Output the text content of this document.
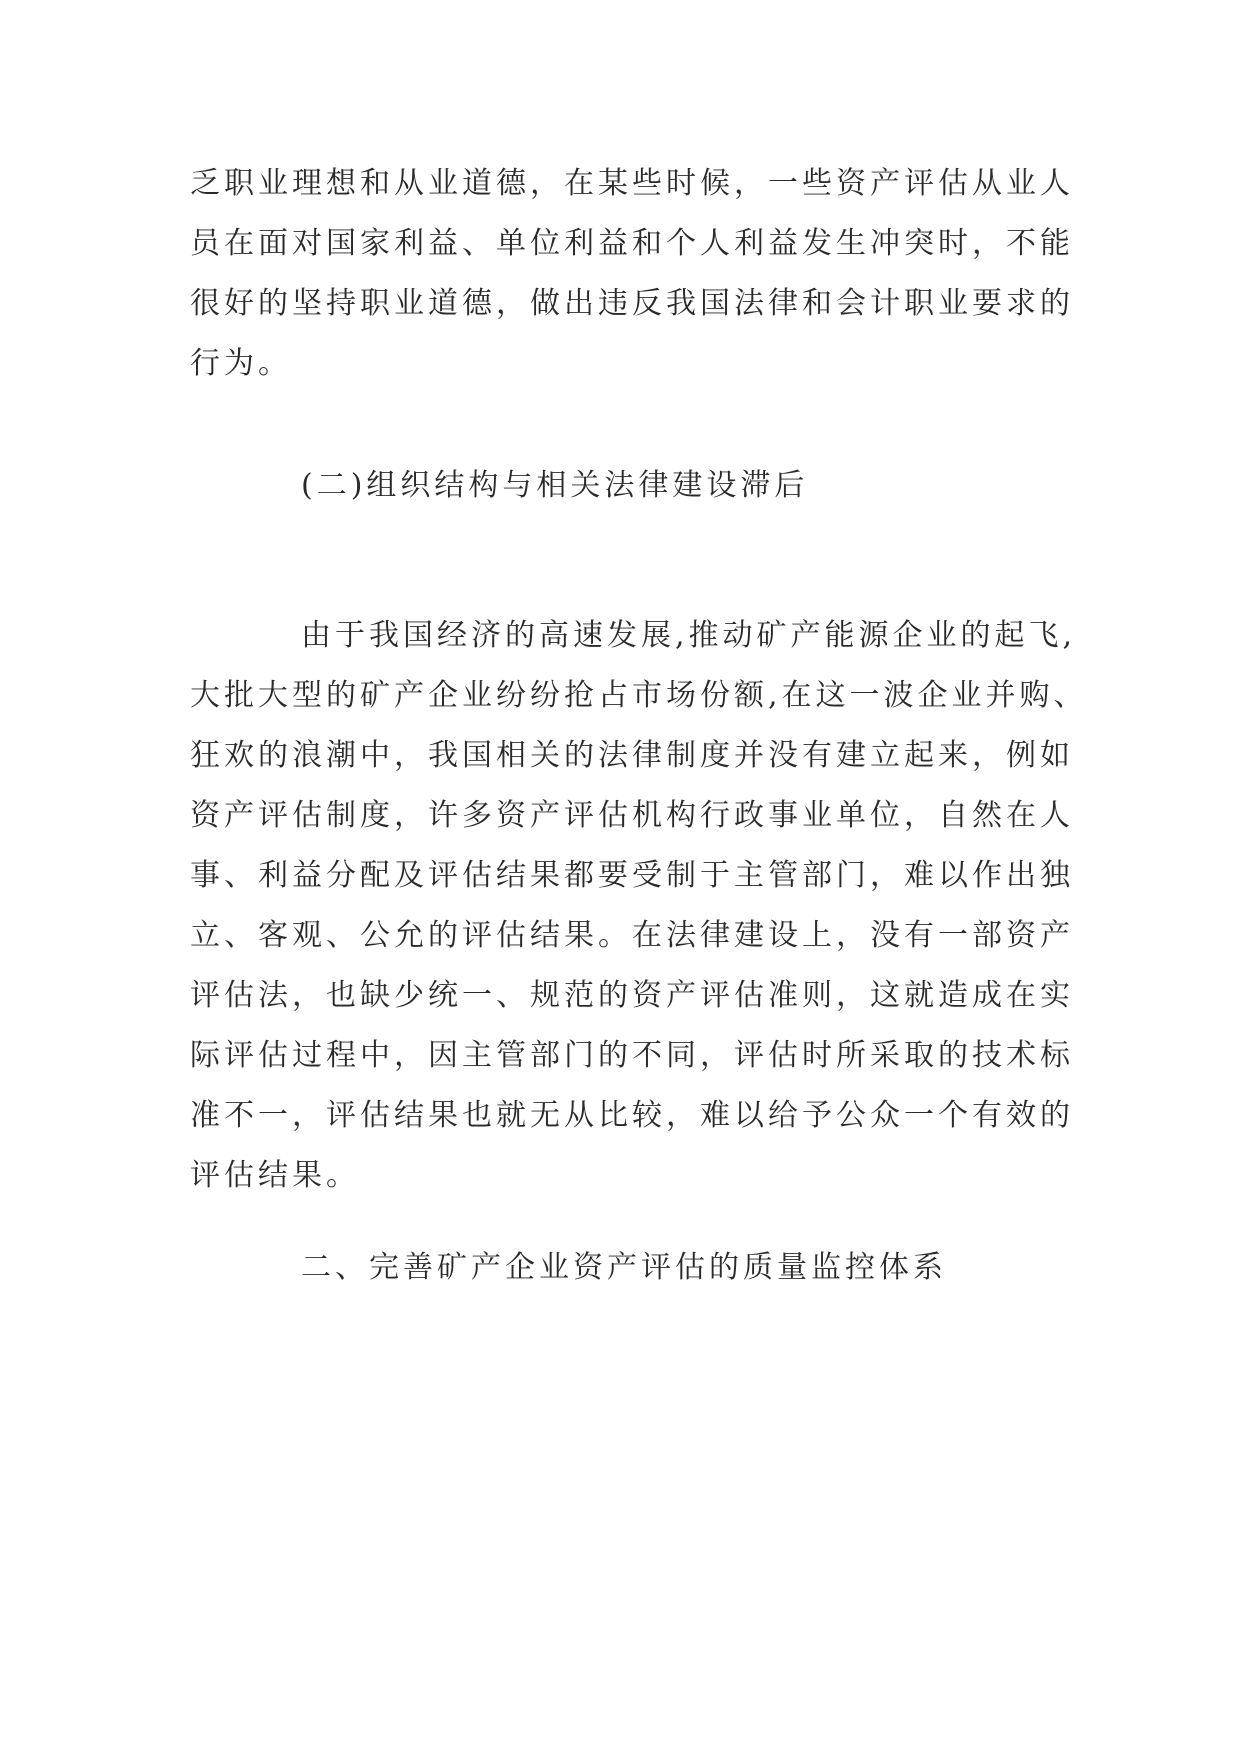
乏职业理想和从业道德，在某些时候，一些资产评估从业人
员在面对国家利益、单位利益和个人利益发生冲突时，不能
很好的坚持职业道德，做出违反我国法律和会计职业要求的
行为。
(二)组织结构与相关法律建设滞后
由于我国经济的高速发展,推动矿产能源企业的起飞,
大批大型的矿产企业纷纷抢占市场份额,在这一波企业并购、
狂欢的浪潮中，我国相关的法律制度并没有建立起来，例如
资产评估制度，许多资产评估机构行政事业单位，自然在人
事、利益分配及评估结果都要受制于主管部门，难以作出独
立、客观、公允的评估结果。在法律建设上，没有一部资产
评估法，也缺少统一、规范的资产评估准则，这就造成在实
际评估过程中，因主管部门的不同，评估时所采取的技术标
准不一，评估结果也就无从比较，难以给予公众一个有效的
评估结果。
二、完善矿产企业资产评估的质量监控体系
